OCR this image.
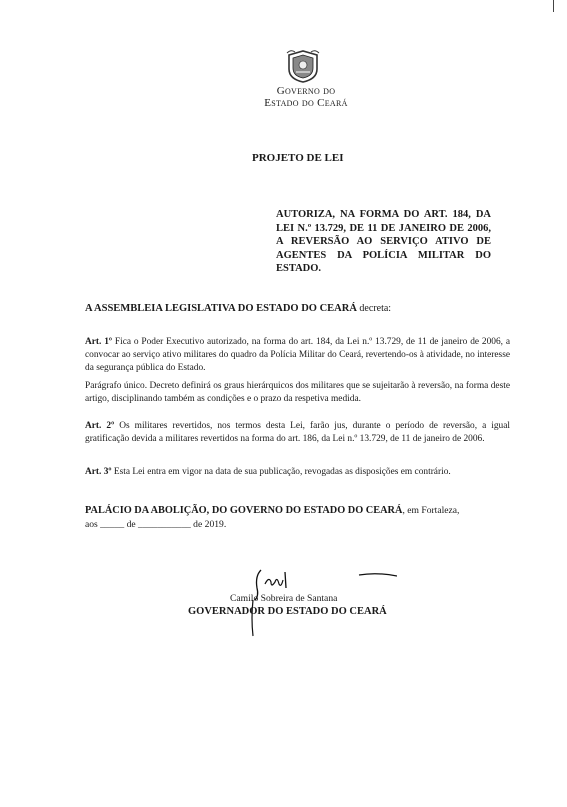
Governo do
Estado do Ceará
PROJETO DE LEI
AUTORIZA, NA FORMA DO ART. 184, DA LEI N.º 13.729, DE 11 DE JANEIRO DE 2006, A REVERSÃO AO SERVIÇO ATIVO DE AGENTES DA POLÍCIA MILITAR DO ESTADO.
A ASSEMBLEIA LEGISLATIVA DO ESTADO DO CEARÁ decreta:
Art. 1º Fica o Poder Executivo autorizado, na forma do art. 184, da Lei n.º 13.729, de 11 de janeiro de 2006, a convocar ao serviço ativo militares do quadro da Polícia Militar do Ceará, revertendo-os à atividade, no interesse da segurança pública do Estado.
Parágrafo único. Decreto definirá os graus hierárquicos dos militares que se sujeitarão à reversão, na forma deste artigo, disciplinando também as condições e o prazo da respetiva medida.
Art. 2º Os militares revertidos, nos termos desta Lei, farão jus, durante o período de reversão, a igual gratificação devida a militares revertidos na forma do art. 186, da Lei n.º 13.729, de 11 de janeiro de 2006.
Art. 3º Esta Lei entra em vigor na data de sua publicação, revogadas as disposições em contrário.
PALÁCIO DA ABOLIÇÃO, DO GOVERNO DO ESTADO DO CEARÁ, em Fortaleza,
aos _____ de ___________ de 2019.
Camilo Sobreira de Santana
GOVERNADOR DO ESTADO DO CEARÁ
